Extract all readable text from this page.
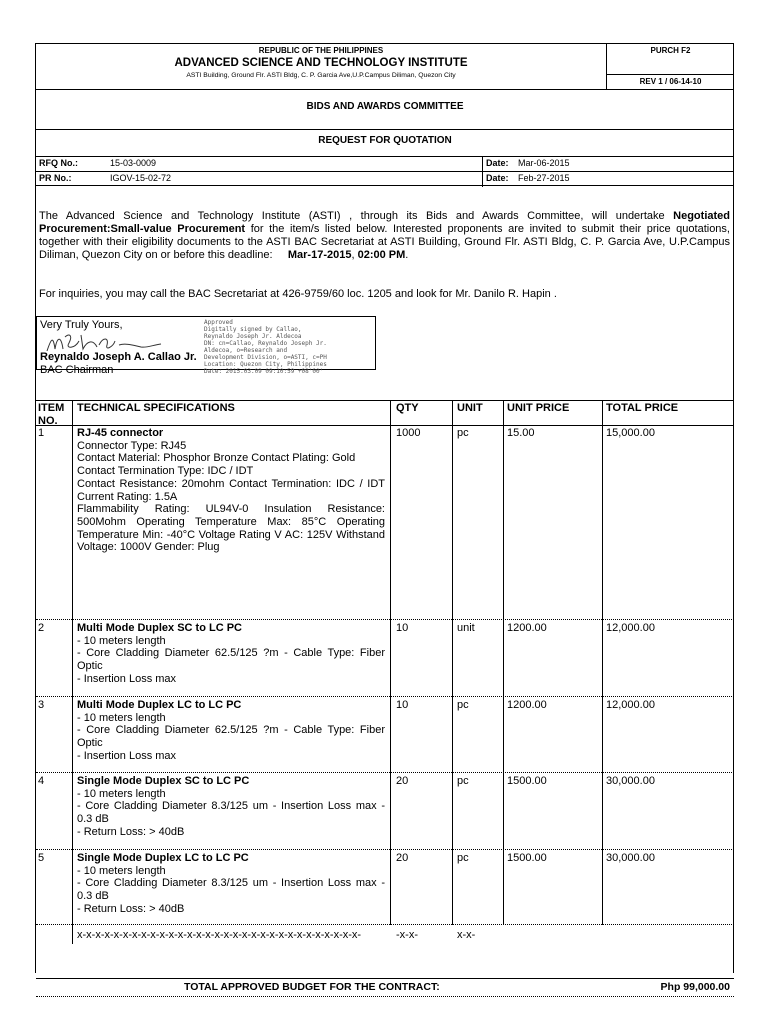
REPUBLIC OF THE PHILIPPINES
ADVANCED SCIENCE AND TECHNOLOGY INSTITUTE
ASTI Building, Ground Flr. ASTI Bldg, C. P. Garcia Ave,U.P.Campus Diliman, Quezon City
PURCH F2
REV 1 / 06-14-10
BIDS AND AWARDS COMMITTEE
REQUEST FOR QUOTATION
RFQ No.:	15-03-0009	Date: Mar-06-2015
PR No.:	IGOV-15-02-72	Date: Feb-27-2015
The Advanced Science and Technology Institute (ASTI) , through its Bids and Awards Committee, will undertake Negotiated Procurement:Small-value Procurement for the item/s listed below. Interested proponents are invited to submit their price quotations, together with their eligibility documents to the ASTI BAC Secretariat at ASTI Building, Ground Flr. ASTI Bldg, C. P. Garcia Ave, U.P.Campus Diliman, Quezon City on or before this deadline: Mar-17-2015, 02:00 PM.
For inquiries, you may call the BAC Secretariat at 426-9759/60 loc. 1205 and look for Mr. Danilo R. Hapin .
Very Truly Yours,	Approved
Digitally signed by Callao,
Reynaldo Joseph Jr. Aldecoa
DN: cn=Callao, Reynaldo Joseph Jr.
Aldecoa, o=Research and
Development Division, o=ASTI, c=PH
Location: Quezon City, Philippines
Date: 2015.03.09 09:10:59 +08'00'
Reynaldo Joseph A. Callao Jr.
BAC Chairman
ITEM
NO.
TECHNICAL SPECIFICATIONS	QTY	UNIT UNIT PRICE	TOTAL PRICE
1	RJ-45 connector
Connector Type: RJ45
Contact Material: Phosphor Bronze Contact Plating: Gold
Contact Termination Type: IDC / IDT
Contact Resistance: 20mohm Contact Termination: IDC / IDT Current Rating: 1.5A
Flammability Rating: UL94V-0 Insulation Resistance: 500Mohm Operating Temperature Max: 85°C Operating Temperature Min: -40°C Voltage Rating V AC: 125V Withstand Voltage: 1000V Gender: Plug
1000	pc	15.00	15,000.00
2	Multi Mode Duplex SC to LC PC
- 10 meters length
- Core Cladding Diameter 62.5/125 ?m - Cable Type: Fiber Optic
- Insertion Loss max
10	unit	1200.00	12,000.00
3	Multi Mode Duplex LC to LC PC
- 10 meters length
- Core Cladding Diameter 62.5/125 ?m - Cable Type: Fiber Optic
- Insertion Loss max
10	pc	1200.00	12,000.00
4	Single Mode Duplex SC to LC PC
- 10 meters length
- Core Cladding Diameter 8.3/125 um - Insertion Loss max - 0.3 dB
- Return Loss: > 40dB
20	pc	1500.00	30,000.00
5	Single Mode Duplex LC to LC PC
- 10 meters length
- Core Cladding Diameter 8.3/125 um - Insertion Loss max - 0.3 dB
- Return Loss: > 40dB
20	pc	1500.00	30,000.00
x-x-x-x-x-x-x-x-x-x-x-x-x-x-x-x-x-x-x-x-x-x-x-x-x-x-x-x-x-x-x-	-x-x-	x-x-
TOTAL APPROVED BUDGET FOR THE CONTRACT:	Php 99,000.00
